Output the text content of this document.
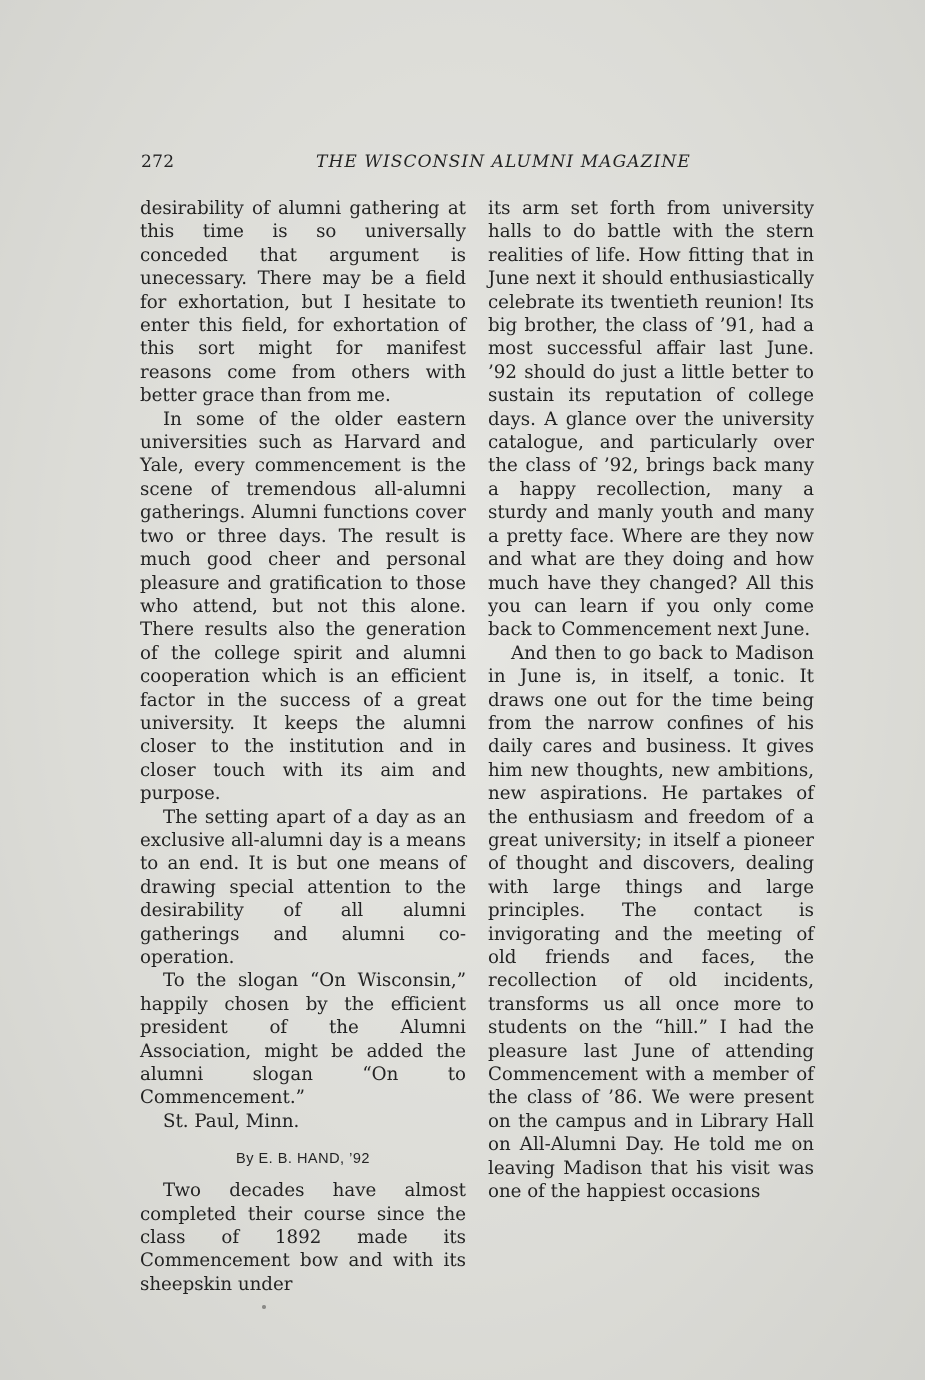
272	THE WISCONSIN ALUMNI MAGAZINE

desirability of alumni gathering at this time is so universally conceded that argument is unecessary. There may be a field for exhortation, but I hesitate to enter this field, for exhortation of this sort might for manifest reasons come from others with better grace than from me.

In some of the older eastern universities such as Harvard and Yale, every commencement is the scene of tremendous all-alumni gatherings. Alumni functions cover two or three days. The result is much good cheer and personal pleasure and gratification to those who attend, but not this alone. There results also the generation of the college spirit and alumni cooperation which is an efficient factor in the success of a great university. It keeps the alumni closer to the institution and in closer touch with its aim and purpose.

The setting apart of a day as an exclusive all-alumni day is a means to an end. It is but one means of drawing special attention to the desirability of all alumni gatherings and alumni co-operation.

To the slogan “On Wisconsin,” happily chosen by the efficient president of the Alumni Association, might be added the alumni slogan “On to Commencement.”

St. Paul, Minn.

By E. B. HAND, ’92

Two decades have almost completed their course since the class of 1892 made its Commencement bow and with its sheepskin under

its arm set forth from university halls to do battle with the stern realities of life. How fitting that in June next it should enthusiastically celebrate its twentieth reunion! Its big brother, the class of ’91, had a most successful affair last June. ’92 should do just a little better to sustain its reputation of college days. A glance over the university catalogue, and particularly over the class of ’92, brings back many a happy recollection, many a sturdy and manly youth and many a pretty face. Where are they now and what are they doing and how much have they changed? All this you can learn if you only come back to Commencement next June.

And then to go back to Madison in June is, in itself, a tonic. It draws one out for the time being from the narrow confines of his daily cares and business. It gives him new thoughts, new ambitions, new aspirations. He partakes of the enthusiasm and freedom of a great university; in itself a pioneer of thought and discovers, dealing with large things and large principles. The contact is invigorating and the meeting of old friends and faces, the recollection of old incidents, transforms us all once more to students on the “hill.” I had the pleasure last June of attending Commencement with a member of the class of ’86. We were present on the campus and in Library Hall on All-Alumni Day. He told me on leaving Madison that his visit was one of the happiest occasions
